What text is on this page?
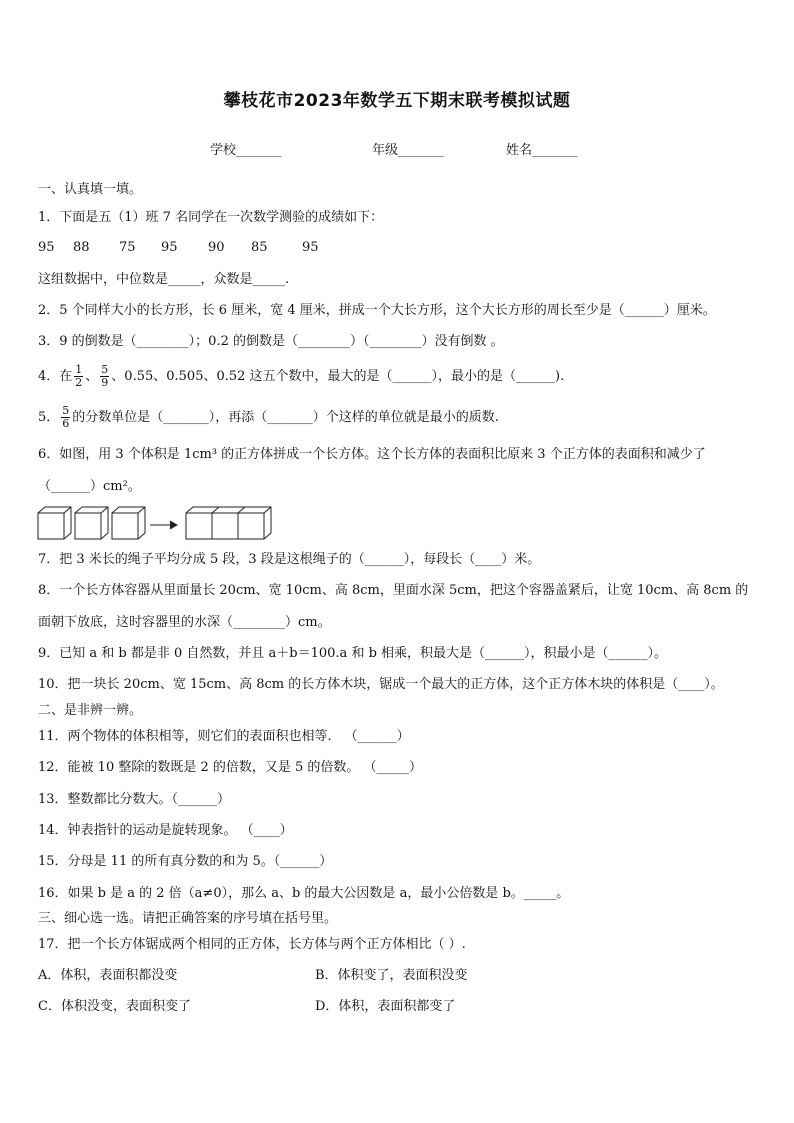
攀枝花市2023年数学五下期末联考模拟试题
学校_______	年级_______	姓名_______
一、认真填一填。
1．下面是五（1）班 7 名同学在一次数学测验的成绩如下：
95 88 75 95 90 85	95
这组数据中，中位数是_____，众数是_____.
2．5 个同样大小的长方形，长 6 厘米，宽 4 厘米，拼成一个大长方形，这个大长方形的周长至少是（______）厘米。
3．9 的倒数是（________）；0.2 的倒数是（________）（________）没有倒数 。
4．在 $\frac{1}{2}$ 、 $\frac{5}{9}$ 、0.55、0.505、0.52 这五个数中，最大的是（______），最小的是（______).
5． $\frac{5}{6}$ 的分数单位是（_______），再添（_______）个这样的单位就是最小的质数.
6．如图，用 3 个体积是 1cm³ 的正方体拼成一个长方体。这个长方体的表面积比原来 3 个正方体的表面积和减少了
（______）cm²。
7．把 3 米长的绳子平均分成 5 段，3 段是这根绳子的（______），每段长（____）米。
8．一个长方体容器从里面量长 20cm、宽 10cm、高 8cm，里面水深 5cm，把这个容器盖紧后，让宽 10cm、高 8cm 的
面朝下放底，这时容器里的水深（________）cm。
9．已知 a 和 b 都是非 0 自然数，并且 a＋b＝100.a 和 b 相乘，积最大是（______），积最小是（______）。
10．把一块长 20cm、宽 15cm、高 8cm 的长方体木块，锯成一个最大的正方体，这个正方体木块的体积是（____）。
二、是非辨一辨。
11．两个物体的体积相等，则它们的表面积也相等． （______）
12．能被 10 整除的数既是 2 的倍数，又是 5 的倍数。 （_____）
13．整数都比分数大。（______）
14．钟表指针的运动是旋转现象。 （____）
15．分母是 11 的所有真分数的和为 5。（______）
16．如果 b 是 a 的 2 倍（a≠0），那么 a、b 的最大公因数是 a，最小公倍数是 b。_____。
三、细心选一选。请把正确答案的序号填在括号里。
17．把一个长方体锯成两个相同的正方体，长方体与两个正方体相比（ ）.
A．体积，表面积都没变	B．体积变了，表面积没变
C．体积没变，表面积变了	D．体积，表面积都变了
